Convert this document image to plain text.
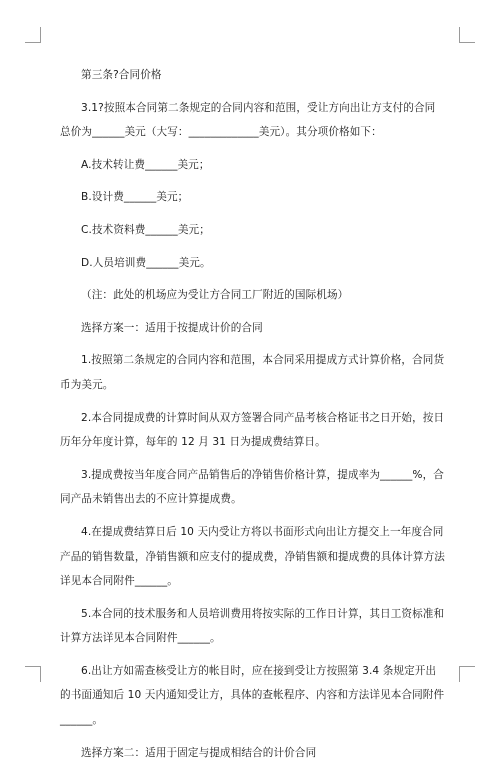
第三条?合同价格

3.1?按照本合同第二条规定的合同内容和范围，受让方向出让方支付的合同总价为______美元（大写：_____________美元）。其分项价格如下：

A.技术转让费______美元；

B.设计费______美元；

C.技术资料费______美元；

D.人员培训费______美元。

（注：此处的机场应为受让方合同工厂附近的国际机场）

选择方案一：适用于按提成计价的合同

1.按照第二条规定的合同内容和范围，本合同采用提成方式计算价格，合同货币为美元。

2.本合同提成费的计算时间从双方签署合同产品考核合格证书之日开始，按日历年分年度计算，每年的 12 月 31 日为提成费结算日。

3.提成费按当年度合同产品销售后的净销售价格计算，提成率为______%，合同产品未销售出去的不应计算提成费。

4.在提成费结算日后 10 天内受让方将以书面形式向出让方提交上一年度合同产品的销售数量，净销售额和应支付的提成费，净销售额和提成费的具体计算方法详见本合同附件______。

5.本合同的技术服务和人员培训费用将按实际的工作日计算，其日工资标准和计算方法详见本合同附件______。

6.出让方如需查核受让方的帐目时，应在接到受让方按照第 3.4 条规定开出的书面通知后 10 天内通知受让方，具体的查帐程序、内容和方法详见本合同附件______。

选择方案二：适用于固定与提成相结合的计价合同
